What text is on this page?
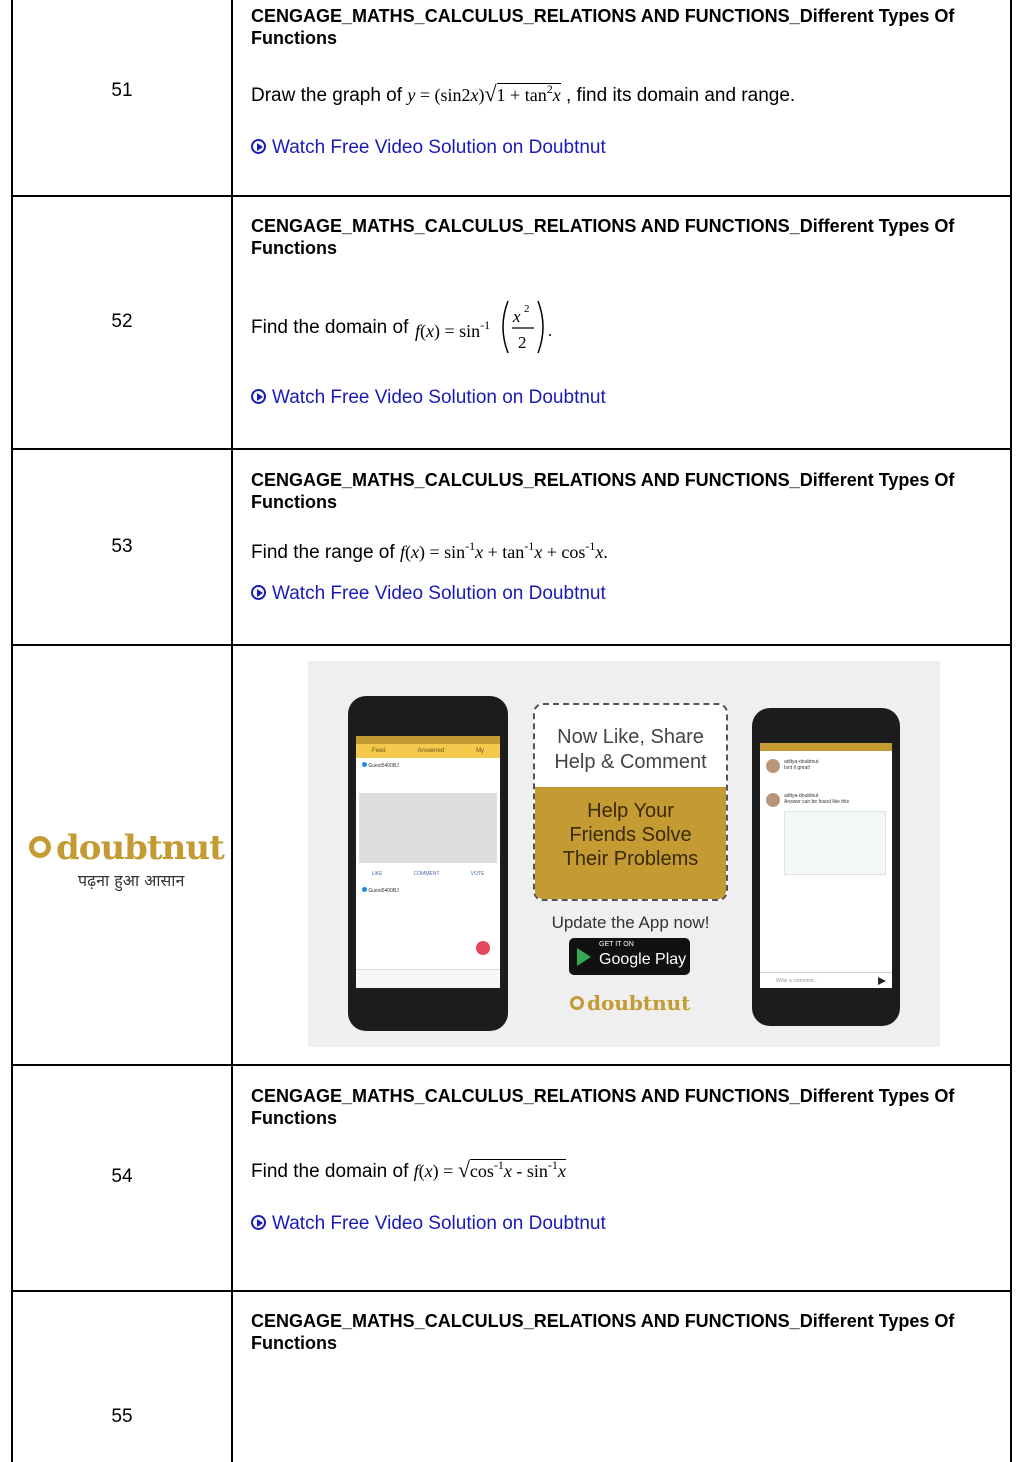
51
CENGAGE_MATHS_CALCULUS_RELATIONS AND FUNCTIONS_Different Types Of Functions
Draw the graph of $y = (\sin 2x)√1 + \tan^2x$ , find its domain and range.
Watch Free Video Solution on Doubtnut
52
CENGAGE_MATHS_CALCULUS_RELATIONS AND FUNCTIONS_Different Types Of Functions
Find the domain of $f(x) = \sin^{-1} x$ 2
2
Watch Free Video Solution on Doubtnut
53
CENGAGE_MATHS_CALCULUS_RELATIONS AND FUNCTIONS_Different Types Of Functions
Find the range of $f(x) = \sin^{-1}x + \tan^{-1}x + \cos^{-1}x$.
Watch Free Video Solution on Doubtnut
doubtnut
पढ़ना हुआ आसान
Feed	Answered	My
Guest5400BJ
LIKE	COMMENT	VOTE
Guest5400BJ
Now Like, Share
Help & Comment
Help Your
Friends Solve
Their Problems
Update the App now!
GET IT ON
Google Play
doubtnut
aditya-doubtnut
Isnt it great!
aditya-doubtnut
Answer can be found like this
Write a comment...
54
CENGAGE_MATHS_CALCULUS_RELATIONS AND FUNCTIONS_Different Types Of Functions
Find the domain of $f(x) = √\cos^{-1}x - \sin^{-1}x$
Watch Free Video Solution on Doubtnut
55
CENGAGE_MATHS_CALCULUS_RELATIONS AND FUNCTIONS_Different Types Of Functions
